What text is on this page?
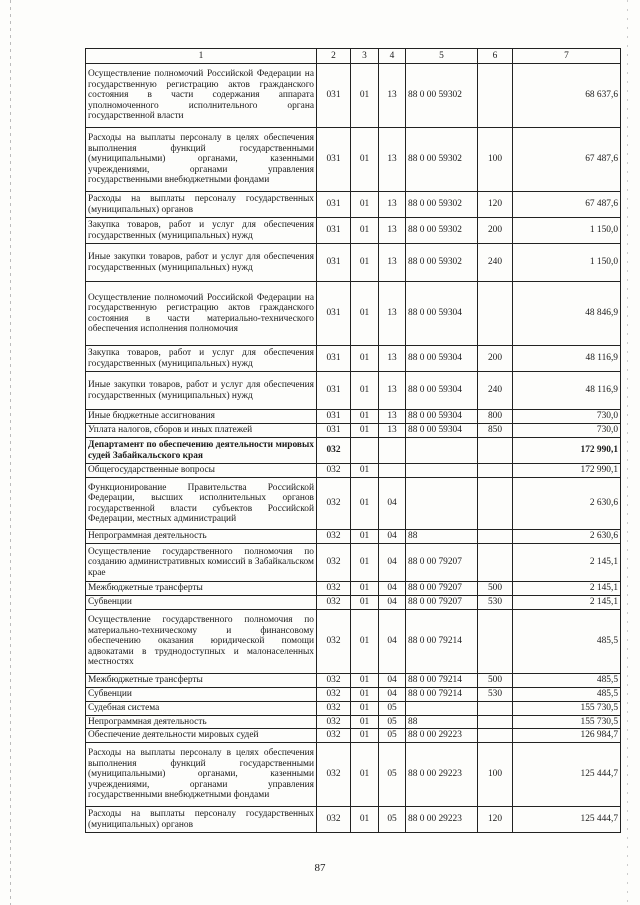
1	2	3	4	5	6	7
Осуществление полномочий Российской Федерации на государственную регистрацию актов гражданского состояния в части содержания аппарата уполномоченного исполнительного органа государственной власти	031	01	13	88 0 00 59302		68 637,6
Расходы на выплаты персоналу в целях обеспечения выполнения функций государственными (муниципальными) органами, казенными учреждениями, органами управления государственными внебюджетными фондами	031	01	13	88 0 00 59302	100	67 487,6
Расходы на выплаты персоналу государственных (муниципальных) органов	031	01	13	88 0 00 59302	120	67 487,6
Закупка товаров, работ и услуг для обеспечения государственных (муниципальных) нужд	031	01	13	88 0 00 59302	200	1 150,0
Иные закупки товаров, работ и услуг для обеспечения государственных (муниципальных) нужд	031	01	13	88 0 00 59302	240	1 150,0
Осуществление полномочий Российской Федерации на государственную регистрацию актов гражданского состояния в части материально-технического обеспечения исполнения полномочия	031	01	13	88 0 00 59304		48 846,9
Закупка товаров, работ и услуг для обеспечения государственных (муниципальных) нужд	031	01	13	88 0 00 59304	200	48 116,9
Иные закупки товаров, работ и услуг для обеспечения государственных (муниципальных) нужд	031	01	13	88 0 00 59304	240	48 116,9
Иные бюджетные ассигнования	031	01	13	88 0 00 59304	800	730,0
Уплата налогов, сборов и иных платежей	031	01	13	88 0 00 59304	850	730,0
Департамент по обеспечению деятельности мировых судей Забайкальского края	032					172 990,1
Общегосударственные вопросы	032	01				172 990,1
Функционирование Правительства Российской Федерации, высших исполнительных органов государственной власти субъектов Российской Федерации, местных администраций	032	01	04			2 630,6
Непрограммная деятельность	032	01	04	88		2 630,6
Осуществление государственного полномочия по созданию административных комиссий в Забайкальском крае	032	01	04	88 0 00 79207		2 145,1
Межбюджетные трансферты	032	01	04	88 0 00 79207	500	2 145,1
Субвенции	032	01	04	88 0 00 79207	530	2 145,1
Осуществление государственного полномочия по материально-техническому и финансовому обеспечению оказания юридической помощи адвокатами в труднодоступных и малонаселенных местностях	032	01	04	88 0 00 79214		485,5
Межбюджетные трансферты	032	01	04	88 0 00 79214	500	485,5
Субвенции	032	01	04	88 0 00 79214	530	485,5
Судебная система	032	01	05			155 730,5
Непрограммная деятельность	032	01	05	88		155 730,5
Обеспечение деятельности мировых судей	032	01	05	88 0 00 29223		126 984,7
Расходы на выплаты персоналу в целях обеспечения выполнения функций государственными (муниципальными) органами, казенными учреждениями, органами управления государственными внебюджетными фондами	032	01	05	88 0 00 29223	100	125 444,7
Расходы на выплаты персоналу государственных (муниципальных) органов	032	01	05	88 0 00 29223	120	125 444,7
87
